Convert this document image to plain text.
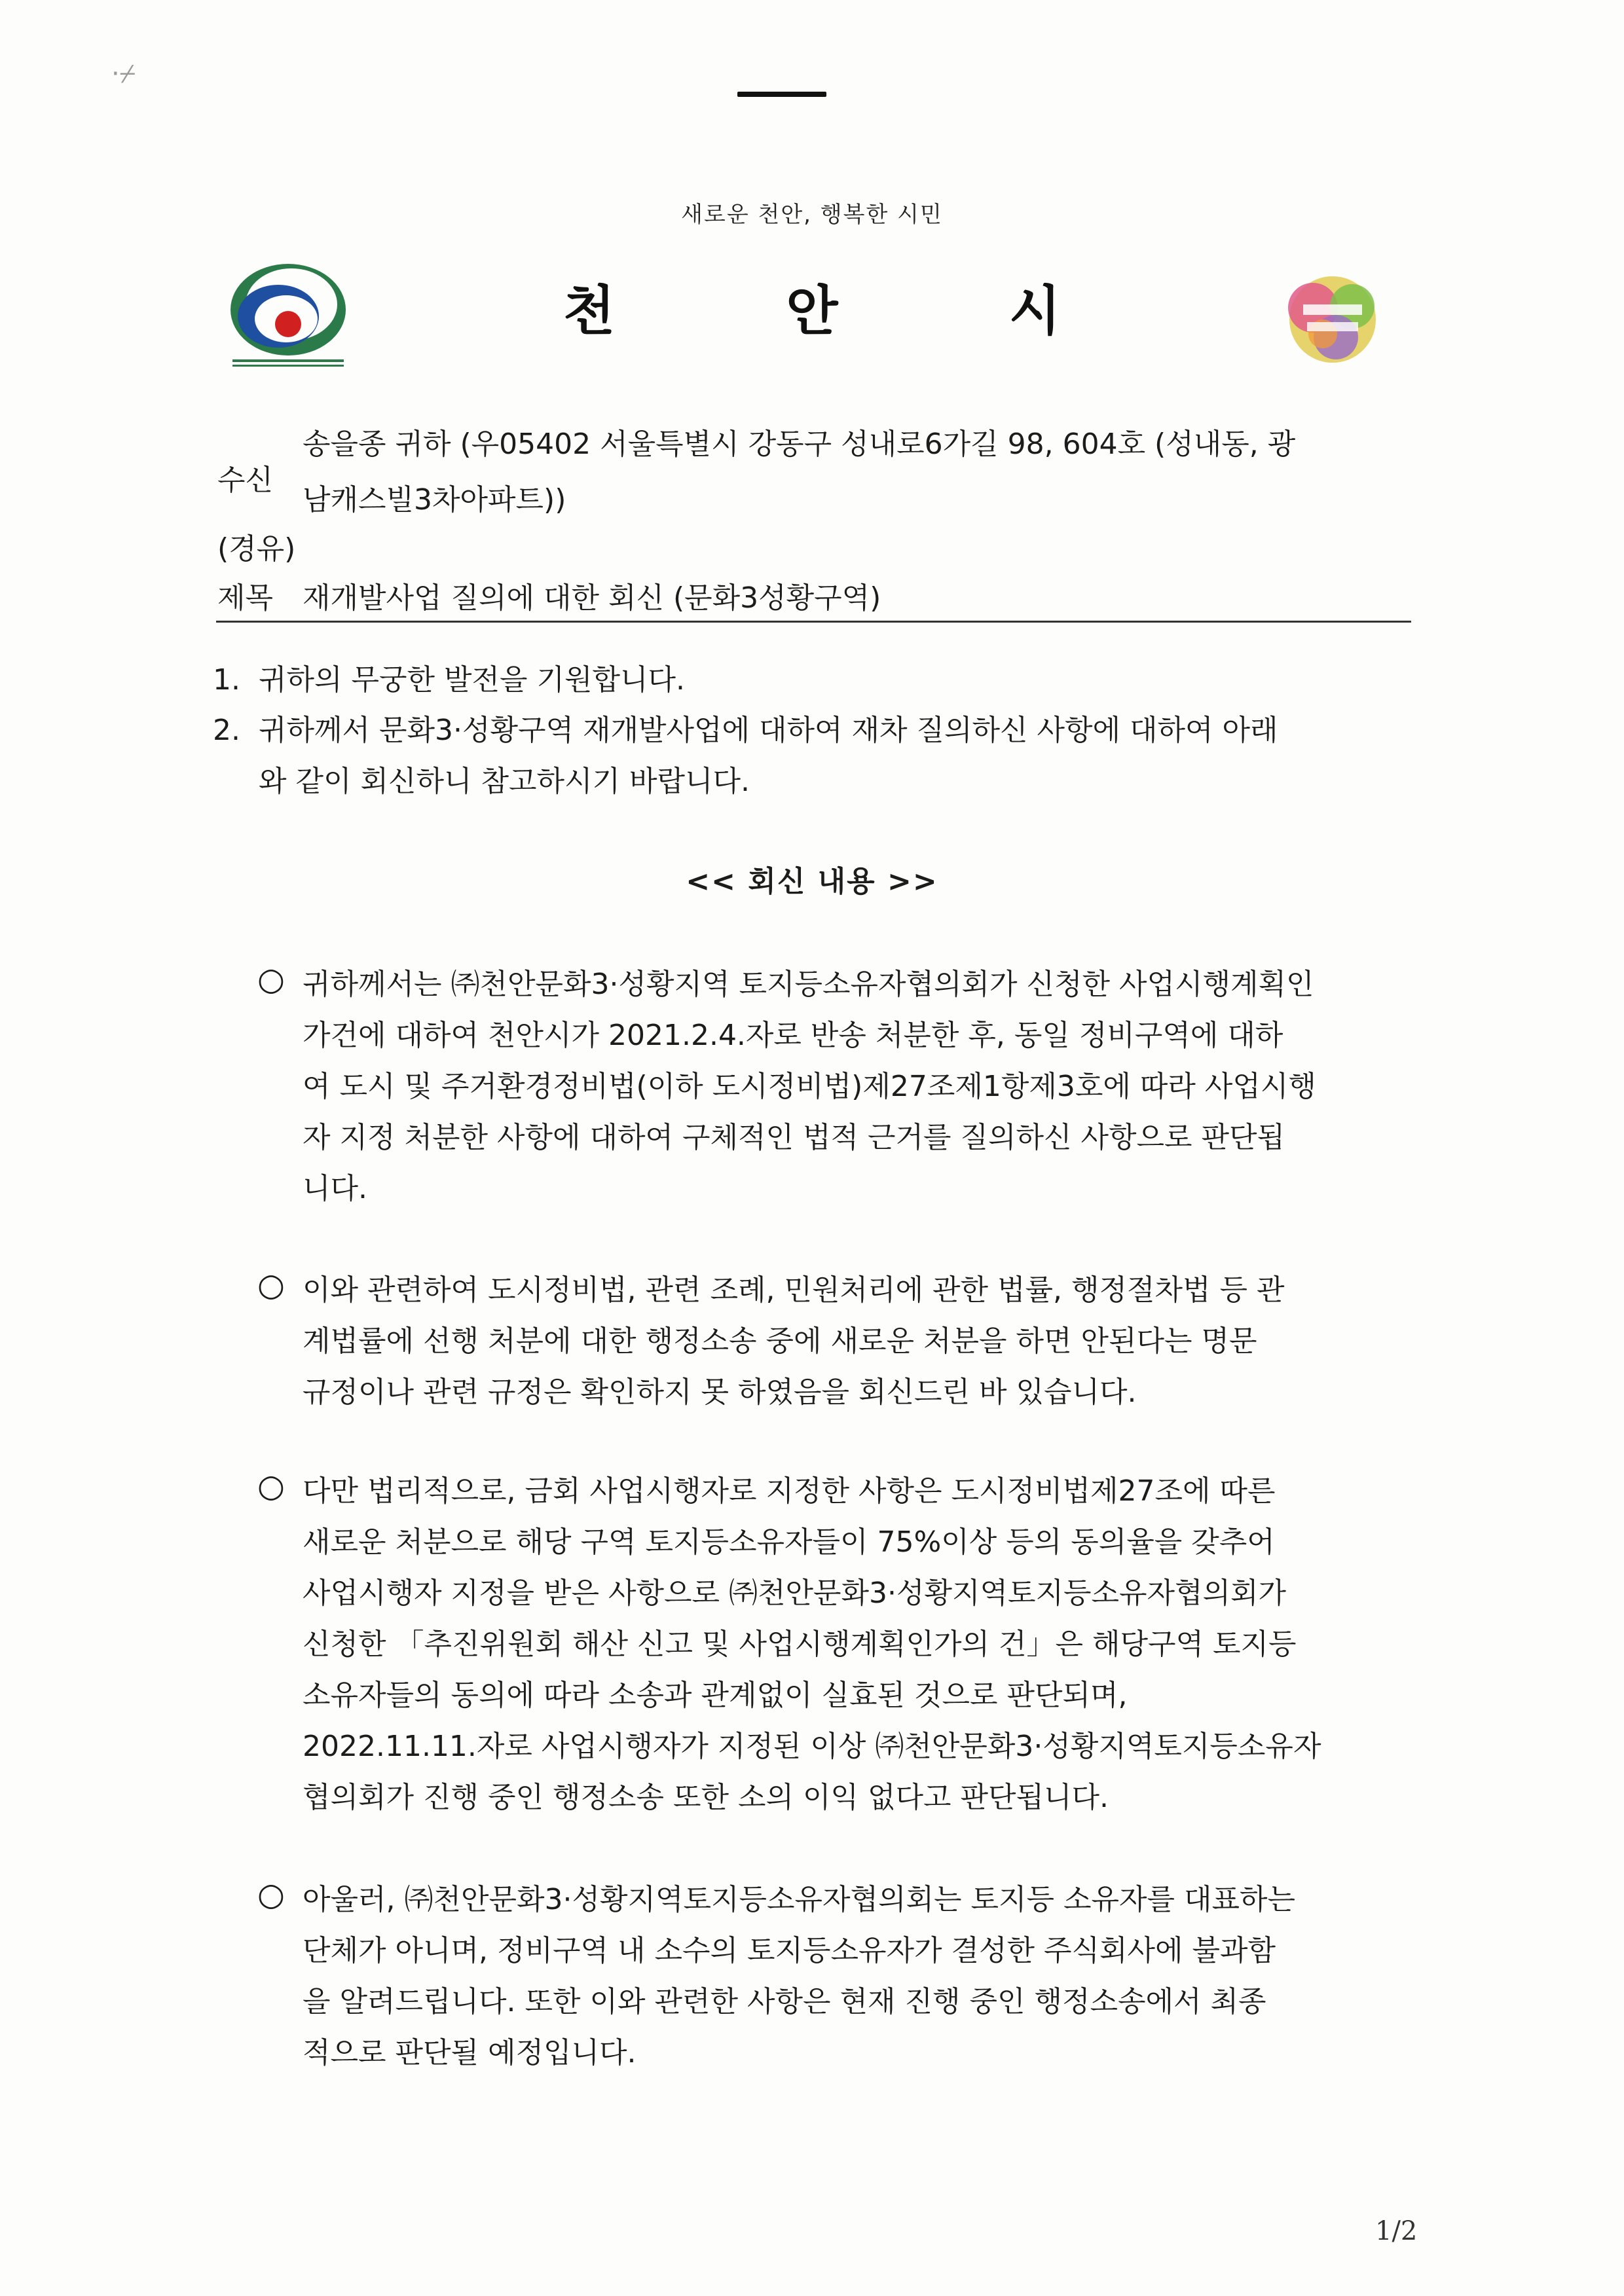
·⌿
새로운 천안, 행복한 시민
천	안	시
수신
송을종 귀하 (우05402 서울특별시 강동구 성내로6가길 98, 604호 (성내동, 광
남캐스빌3차아파트))
(경유)
제목 재개발사업 질의에 대한 회신 (문화3성황구역)
1. 귀하의 무궁한 발전을 기원합니다.
2. 귀하께서 문화3·성황구역 재개발사업에 대하여 재차 질의하신 사항에 대하여 아래
와 같이 회신하니 참고하시기 바랍니다.
<< 회신 내용 >>
○ 귀하께서는 ㈜천안문화3·성황지역 토지등소유자협의회가 신청한 사업시행계획인
가건에 대하여 천안시가 2021.2.4.자로 반송 처분한 후, 동일 정비구역에 대하
여 도시 및 주거환경정비법(이하 도시정비법)제27조제1항제3호에 따라 사업시행
자 지정 처분한 사항에 대하여 구체적인 법적 근거를 질의하신 사항으로 판단됩
니다.
○ 이와 관련하여 도시정비법, 관련 조례, 민원처리에 관한 법률, 행정절차법 등 관
계법률에 선행 처분에 대한 행정소송 중에 새로운 처분을 하면 안된다는 명문
규정이나 관련 규정은 확인하지 못 하였음을 회신드린 바 있습니다.
○ 다만 법리적으로, 금회 사업시행자로 지정한 사항은 도시정비법제27조에 따른
새로운 처분으로 해당 구역 토지등소유자들이 75%이상 등의 동의율을 갖추어
사업시행자 지정을 받은 사항으로 ㈜천안문화3·성황지역토지등소유자협의회가
신청한 「추진위원회 해산 신고 및 사업시행계획인가의 건」은 해당구역 토지등
소유자들의 동의에 따라 소송과 관계없이 실효된 것으로 판단되며,
2022.11.11.자로 사업시행자가 지정된 이상 ㈜천안문화3·성황지역토지등소유자
협의회가 진행 중인 행정소송 또한 소의 이익 없다고 판단됩니다.
○ 아울러, ㈜천안문화3·성황지역토지등소유자협의회는 토지등 소유자를 대표하는
단체가 아니며, 정비구역 내 소수의 토지등소유자가 결성한 주식회사에 불과함
을 알려드립니다. 또한 이와 관련한 사항은 현재 진행 중인 행정소송에서 최종
적으로 판단될 예정입니다.
1/2
